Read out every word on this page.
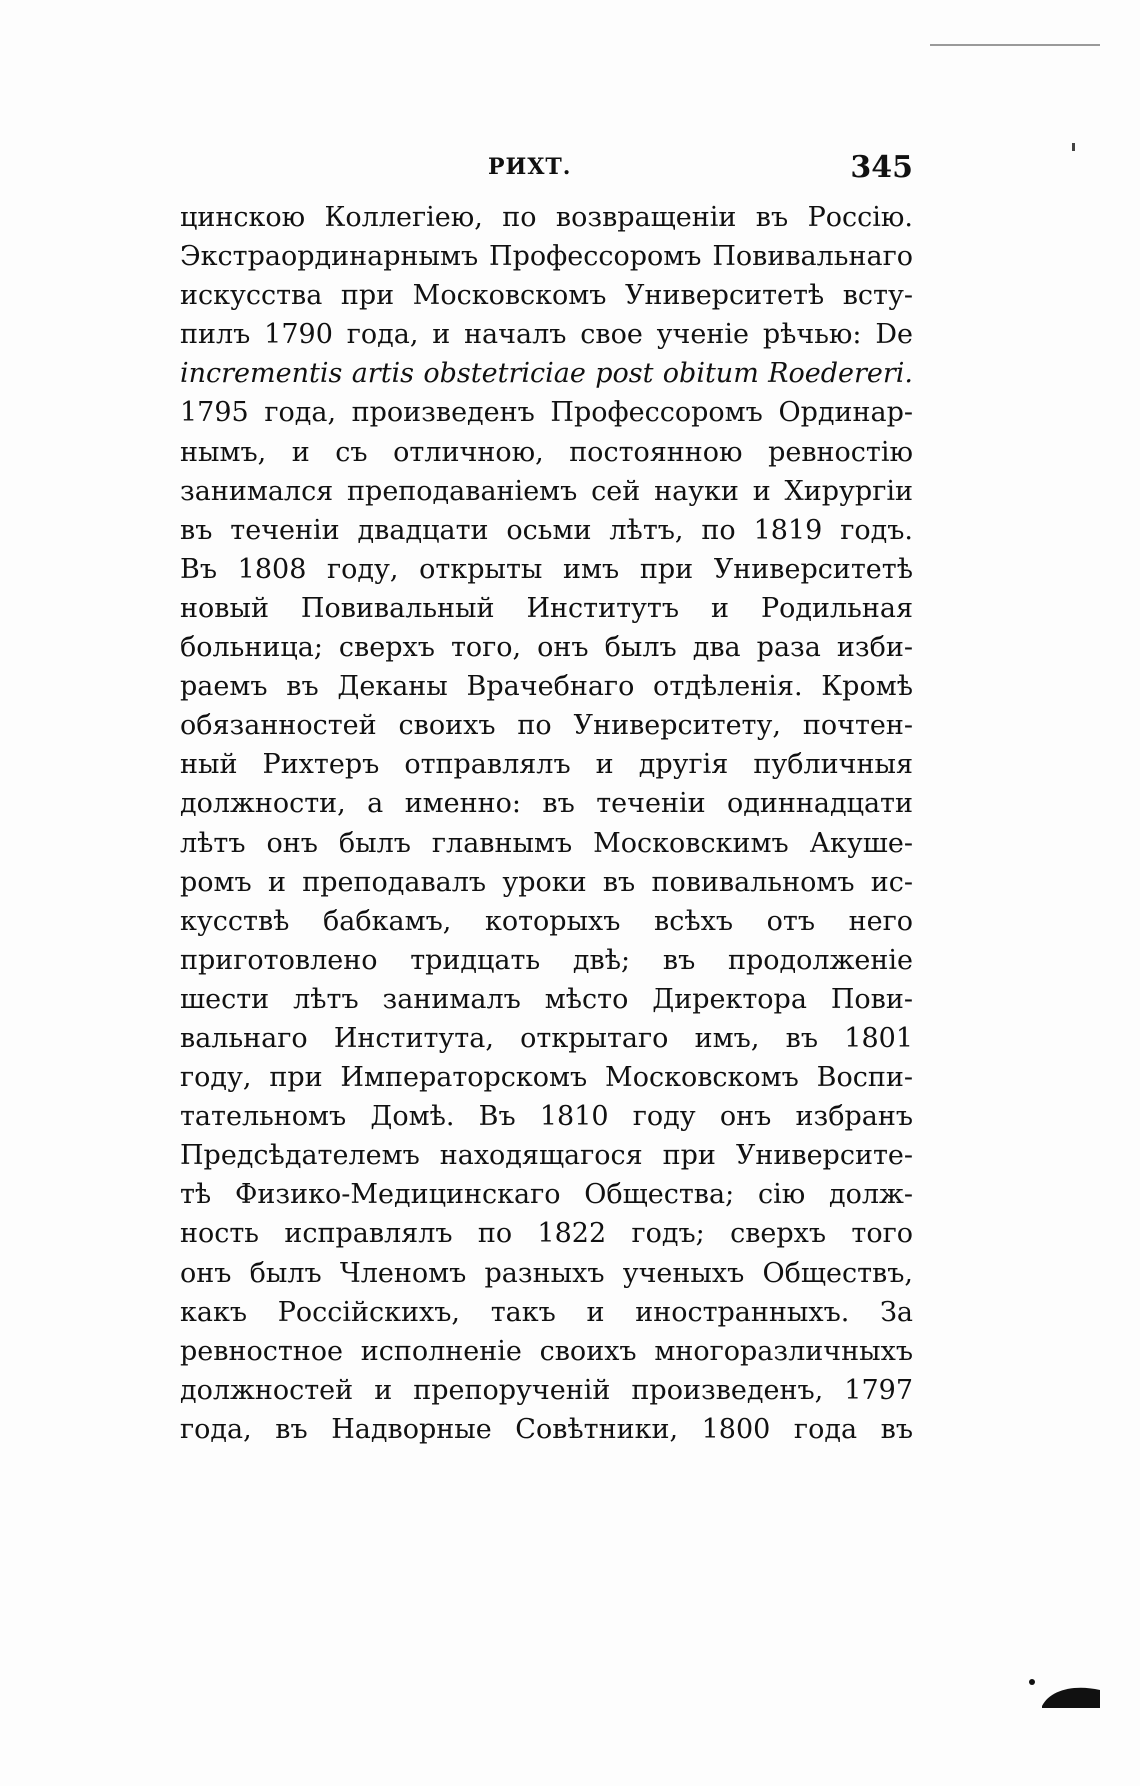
РИХТ.	345
цинскою Коллегiею, по возвращенiи въ Россiю.
Экстраординарнымъ Профессоромъ Повивальнаго
искусства при Московскомъ Университетѣ всту-
пилъ 1790 года, и началъ свое ученiе рѣчью: De
incrementis artis obstetriciae post obitum Roedereri.
1795 года, произведенъ Профессоромъ Ординар-
нымъ, и съ отличною, постоянною ревностiю
занимался преподаванiемъ сей науки и Хирургiи
въ теченiи двадцати осьми лѣтъ, по 1819 годъ.
Въ 1808 году, открыты имъ при Университетѣ
новый Повивальный Институтъ и Родильная
больница; сверхъ того, онъ былъ два раза изби-
раемъ въ Деканы Врачебнаго отдѣленiя. Кромѣ
обязанностей своихъ по Университету, почтен-
ный Рихтеръ отправлялъ и другiя публичныя
должности, а именно: въ теченiи одиннадцати
лѣтъ онъ былъ главнымъ Московскимъ Акуше-
ромъ и преподавалъ уроки въ повивальномъ ис-
кусствѣ бабкамъ, которыхъ всѣхъ отъ него
приготовлено тридцать двѣ; въ продолженiе
шести лѣтъ занималъ мѣсто Директора Пови-
вальнаго Института, открытаго имъ, въ 1801
году, при Императорскомъ Московскомъ Воспи-
тательномъ Домѣ. Въ 1810 году онъ избранъ
Предсѣдателемъ находящагося при Университе-
тѣ Физико-Медицинскаго Общества; сiю долж-
ность исправлялъ по 1822 годъ; сверхъ того
онъ былъ Членомъ разныхъ ученыхъ Обществъ,
какъ Россiйскихъ, такъ и иностранныхъ. За
ревностное исполненiе своихъ многоразличныхъ
должностей и препорученiй произведенъ, 1797
года, въ Надворные Совѣтники, 1800 года въ
